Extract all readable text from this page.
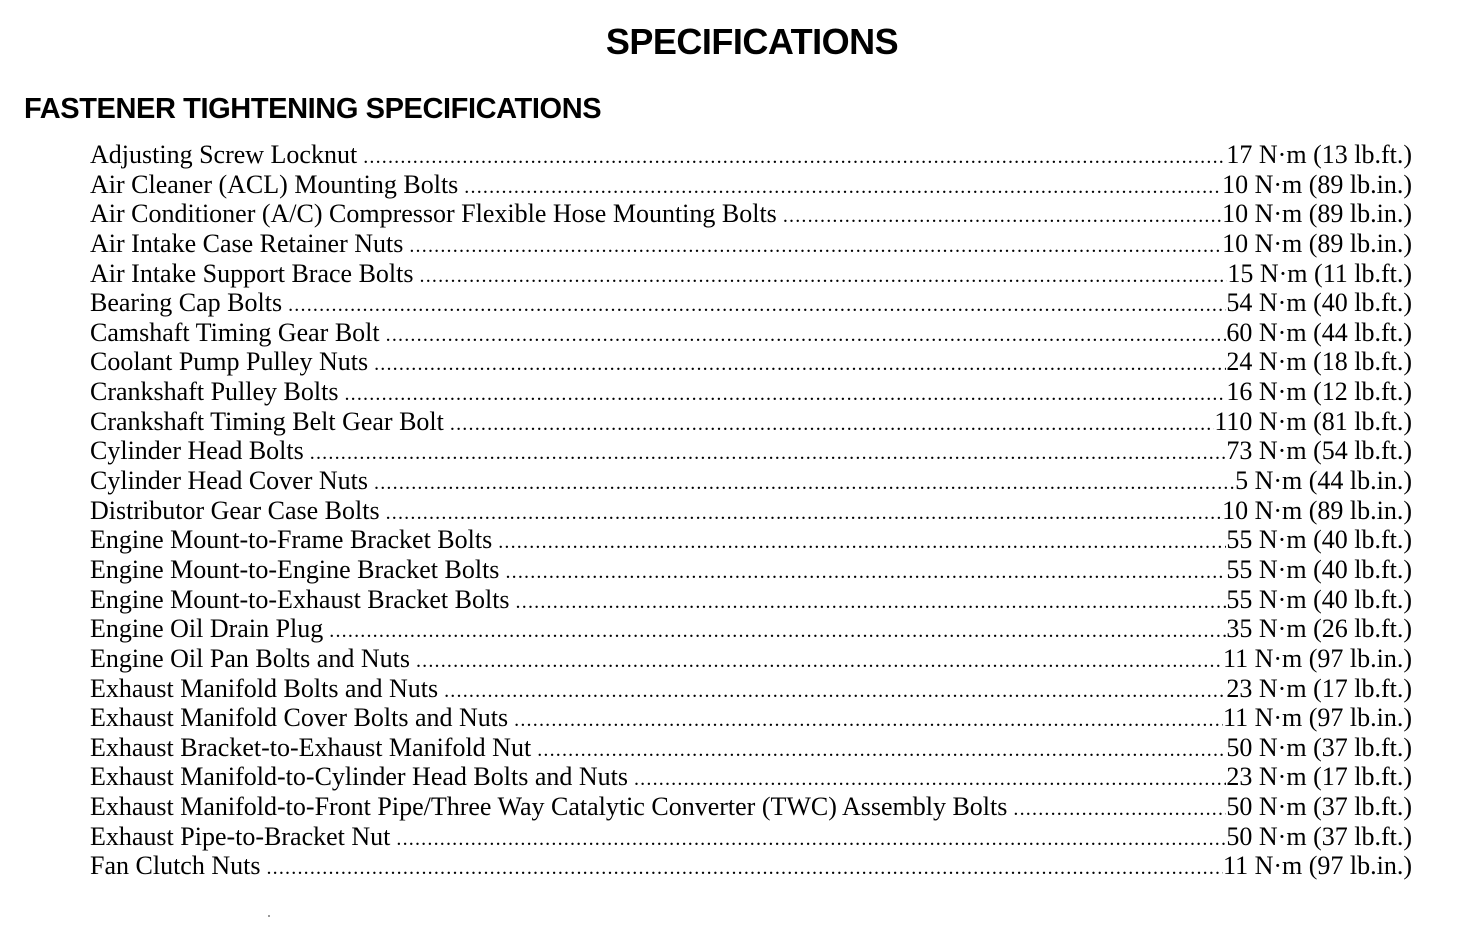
SPECIFICATIONS
FASTENER TIGHTENING SPECIFICATIONS
Adjusting Screw Locknut .....	17 N·m (13 lb.ft.)
Air Cleaner (ACL) Mounting Bolts .....	10 N·m (89 lb.in.)
Air Conditioner (A/C) Compressor Flexible Hose Mounting Bolts .....	10 N·m (89 lb.in.)
Air Intake Case Retainer Nuts .....	10 N·m (89 lb.in.)
Air Intake Support Brace Bolts .....	15 N·m (11 lb.ft.)
Bearing Cap Bolts .....	54 N·m (40 lb.ft.)
Camshaft Timing Gear Bolt .....	60 N·m (44 lb.ft.)
Coolant Pump Pulley Nuts .....	24 N·m (18 lb.ft.)
Crankshaft Pulley Bolts .....	16 N·m (12 lb.ft.)
Crankshaft Timing Belt Gear Bolt .....	110 N·m (81 lb.ft.)
Cylinder Head Bolts .....	73 N·m (54 lb.ft.)
Cylinder Head Cover Nuts .....	5 N·m (44 lb.in.)
Distributor Gear Case Bolts .....	10 N·m (89 lb.in.)
Engine Mount-to-Frame Bracket Bolts .....	55 N·m (40 lb.ft.)
Engine Mount-to-Engine Bracket Bolts .....	55 N·m (40 lb.ft.)
Engine Mount-to-Exhaust Bracket Bolts .....	55 N·m (40 lb.ft.)
Engine Oil Drain Plug .....	35 N·m (26 lb.ft.)
Engine Oil Pan Bolts and Nuts .....	11 N·m (97 lb.in.)
Exhaust Manifold Bolts and Nuts .....	23 N·m (17 lb.ft.)
Exhaust Manifold Cover Bolts and Nuts .....	11 N·m (97 lb.in.)
Exhaust Bracket-to-Exhaust Manifold Nut .....	50 N·m (37 lb.ft.)
Exhaust Manifold-to-Cylinder Head Bolts and Nuts .....	23 N·m (17 lb.ft.)
Exhaust Manifold-to-Front Pipe/Three Way Catalytic Converter (TWC) Assembly Bolts .....	50 N·m (37 lb.ft.)
Exhaust Pipe-to-Bracket Nut .....	50 N·m (37 lb.ft.)
Fan Clutch Nuts .....	11 N·m (97 lb.in.)
